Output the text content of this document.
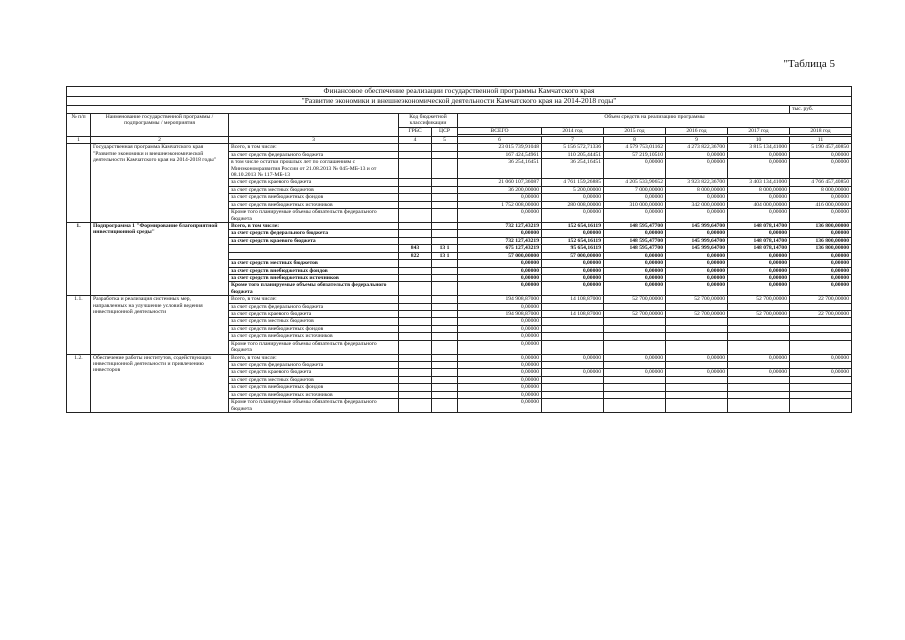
"Таблица 5
Финансовое обеспечение реализации государственной программы Камчатского края										
"Развитие экономики и внешнеэкономической деятельности Камчатского края на 2014-2018 годы"										
										тыс. руб.
№ п/п	Наименование государственной программы / подпрограммы / мероприятия		Код бюджетной классификации		Объем средств на реализацию программы					
			ГРБС	ЦСР	ВСЕГО	2014 год	2015 год	2016 год	2017 год	2018 год

1	2	3	4	5	6	7	8	9	10	11
	Государственная программа Камчатского края "Развитие экономики и внешнеэкономической деятельности Камчатского края на 2014-2018 годы"	Всего, в том числе:			23 015 739,91048	5 156 572,71336	4 579 753,01162	4 273 822,36700	3 815 134,41000	5 190 457,40850
		за счет средств федерального бюджета			167 424,54961	110 205,44451	57 219,10510	0,00000	0,00000	0,00000
		в том числе остатки прошлых лет по соглашениям с Минэкономразвития России от 21.08.2013 № 045-МБ-13 и от 08.10.2013 № 117-МБ-13			36 254,16451	36 254,16451	0,00000	0,00000	0,00000	0,00000
		за счет средств краевого бюджета			21 060 107,36087	4 761 159,26885	4 205 533,90652	3 923 822,36700	3 403 134,41000	4 766 457,40850
		за счет средств местных бюджетов			36 200,00000	5 200,00000	7 000,00000	8 000,00000	8 000,00000	8 000,00000
		за счет средств внебюджетных фондов			0,00000	0,00000	0,00000	0,00000	0,00000	0,00000
		за счет средств внебюджетных источников			1 752 008,00000	280 008,00000	310 000,00000	342 000,00000	404 000,00000	416 000,00000
		Кроме того планируемые объемы обязательств федерального бюджета			0,00000	0,00000	0,00000	0,00000	0,00000	0,00000
1.	Подпрограмма 1 "Формирование благоприятной инвестиционной среды"	Всего, в том числе:			732 127,43219	152 654,16119	148 595,47700	145 999,64700	148 078,14700	136 800,00000
		за счет средств федерального бюджета			0,00000	0,00000	0,00000	0,00000	0,00000	0,00000
		за счет средств краевого бюджета			732 127,43219	152 654,16119	148 595,47700	145 999,64700	148 078,14700	136 800,00000
			843	13 1	675 127,43219	95 654,16119	148 595,47700	145 999,64700	148 078,14700	136 800,00000
			822	13 1	57 000,00000	57 000,00000	0,00000	0,00000	0,00000	0,00000
		за счет средств местных бюджетов			0,00000	0,00000	0,00000	0,00000	0,00000	0,00000
		за счет средств внебюджетных фондов			0,00000	0,00000	0,00000	0,00000	0,00000	0,00000
		за счет средств внебюджетных источников			0,00000	0,00000	0,00000	0,00000	0,00000	0,00000
		Кроме того планируемые объемы обязательств федерального бюджета			0,00000	0,00000	0,00000	0,00000	0,00000	0,00000
1.1.	Разработка и реализация системных мер, направленных на улучшение условий ведения инвестиционной деятельности	Всего, в том числе:			194 908,87000	14 108,87000	52 700,00000	52 700,00000	52 700,00000	22 700,00000
		за счет средств федерального бюджета			0,00000					
		за счет средств краевого бюджета			194 908,87000	14 108,87000	52 700,00000	52 700,00000	52 700,00000	22 700,00000
		за счет средств местных бюджетов			0,00000					
		за счет средств внебюджетных фондов			0,00000					
		за счет средств внебюджетных источников			0,00000					
		Кроме того планируемые объемы обязательств федерального бюджета			0,00000					
1.2.	Обеспечение работы институтов, содействующих инвестиционной деятельности и привлечению инвесторов	Всего, в том числе:			0,00000	0,00000	0,00000	0,00000	0,00000	0,00000
		за счет средств федерального бюджета			0,00000					
		за счет средств краевого бюджета			0,00000	0,00000	0,00000	0,00000	0,00000	0,00000
		за счет средств местных бюджетов			0,00000					
		за счет средств внебюджетных фондов			0,00000					
		за счет средств внебюджетных источников			0,00000					
		Кроме того планируемые объемы обязательств федерального бюджета			0,00000					
